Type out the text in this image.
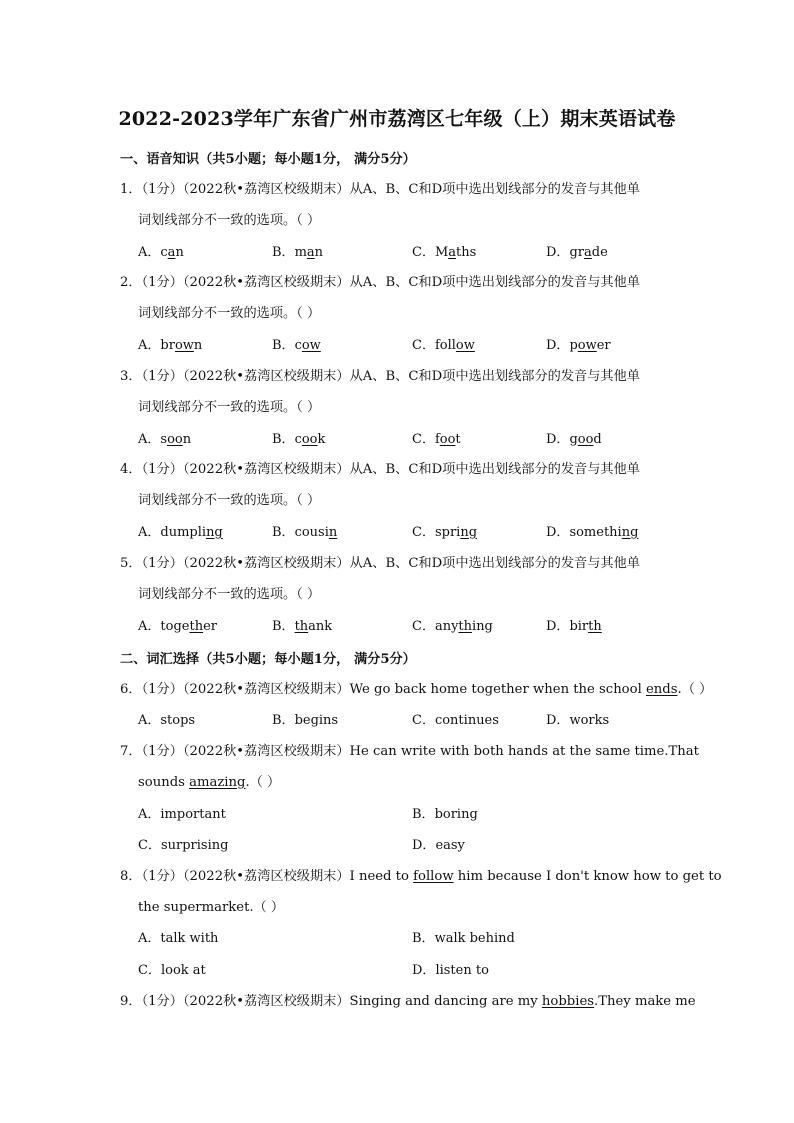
2022-2023学年广东省广州市荔湾区七年级（上）期末英语试卷
一、语音知识（共5小题；每小题1分， 满分5分）
1．（1分）（2022秋•荔湾区校级期末）从A、B、C和D项中选出划线部分的发音与其他单
词划线部分不一致的选项。（ ）
A．can	B．man	C．Maths	D．grade
2．（1分）（2022秋•荔湾区校级期末）从A、B、C和D项中选出划线部分的发音与其他单
词划线部分不一致的选项。（ ）
A．brown	B．cow	C．follow	D．power
3．（1分）（2022秋•荔湾区校级期末）从A、B、C和D项中选出划线部分的发音与其他单
词划线部分不一致的选项。（ ）
A．soon	B．cook	C．foot	D．good
4．（1分）（2022秋•荔湾区校级期末）从A、B、C和D项中选出划线部分的发音与其他单
词划线部分不一致的选项。（ ）
A．dumpling	B．cousin	C．spring	D．something
5．（1分）（2022秋•荔湾区校级期末）从A、B、C和D项中选出划线部分的发音与其他单
词划线部分不一致的选项。（ ）
A．together	B．thank	C．anything	D．birth
二、词汇选择（共5小题；每小题1分， 满分5分）
6．（1分）（2022秋•荔湾区校级期末）We go back home together when the school ends.（ ）
A．stops	B．begins	C．continues	D．works
7．（1分）（2022秋•荔湾区校级期末）He can write with both hands at the same time.That
sounds amazing.（ ）
A．important	B．boring
C．surprising	D．easy
8．（1分）（2022秋•荔湾区校级期末）I need to follow him because I don't know how to get to
the supermarket.（ ）
A．talk with	B．walk behind
C．look at	D．listen to
9．（1分）（2022秋•荔湾区校级期末）Singing and dancing are my hobbies.They make me
